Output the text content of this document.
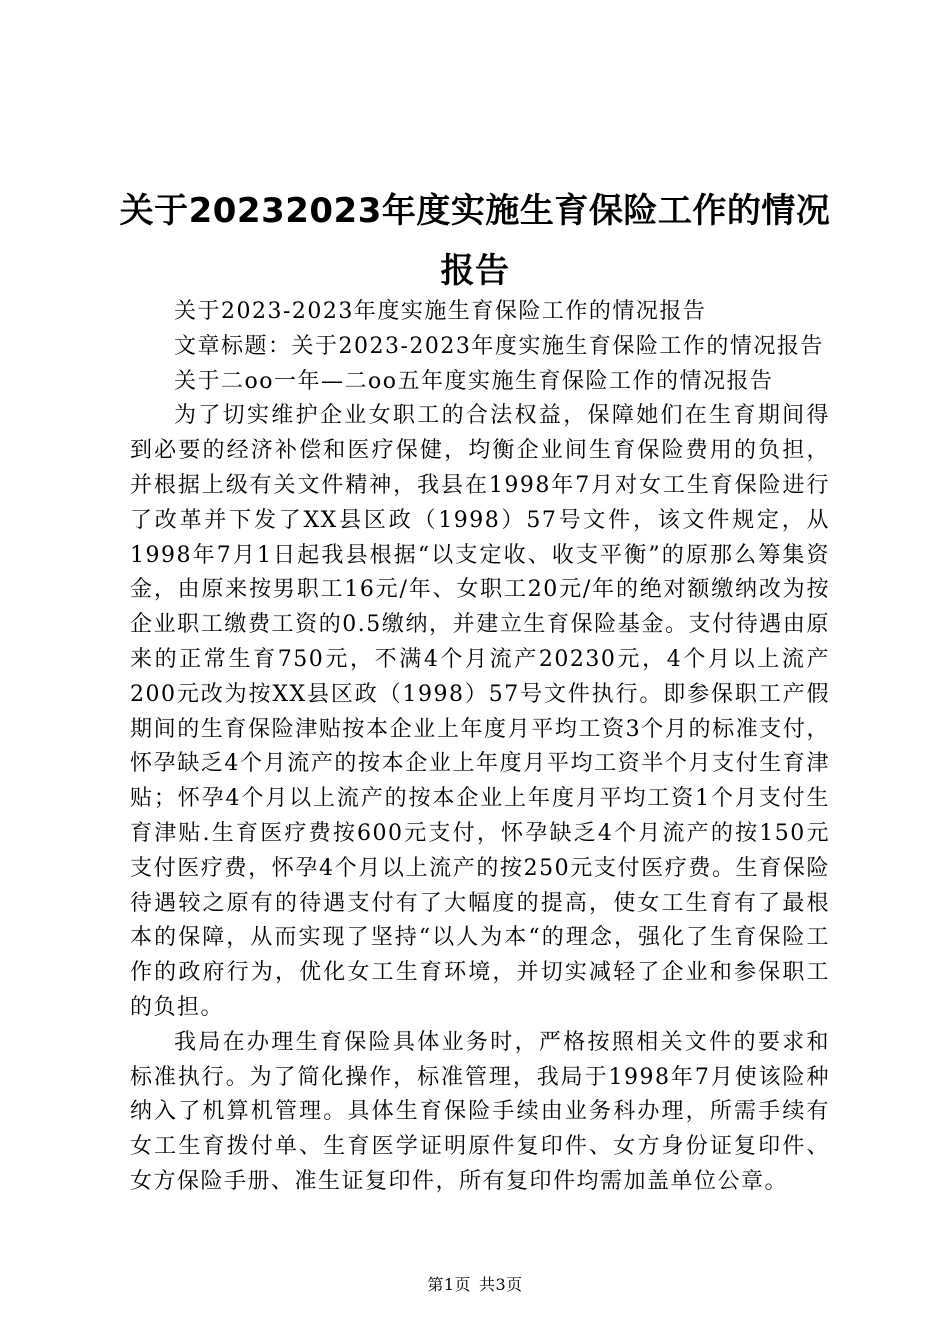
关于20232023年度实施生育保险工作的情况
报告

关于2023-2023年度实施生育保险工作的情况报告

文章标题：关于2023-2023年度实施生育保险工作的情况报告

关于二oo一年—二oo五年度实施生育保险工作的情况报告

为了切实维护企业女职工的合法权益，保障她们在生育期间得到必要的经济补偿和医疗保健，均衡企业间生育保险费用的负担，并根据上级有关文件精神，我县在1998年7月对女工生育保险进行了改革并下发了XX县区政（1998）57号文件，该文件规定，从1998年7月1日起我县根据“以支定收、收支平衡”的原那么筹集资金，由原来按男职工16元/年、女职工20元/年的绝对额缴纳改为按企业职工缴费工资的0.5缴纳，并建立生育保险基金。支付待遇由原来的正常生育750元，不满4个月流产20230元，4个月以上流产200元改为按XX县区政（1998）57号文件执行。即参保职工产假期间的生育保险津贴按本企业上年度月平均工资3个月的标准支付，怀孕缺乏4个月流产的按本企业上年度月平均工资半个月支付生育津贴；怀孕4个月以上流产的按本企业上年度月平均工资1个月支付生育津贴.生育医疗费按600元支付，怀孕缺乏4个月流产的按150元支付医疗费，怀孕4个月以上流产的按250元支付医疗费。生育保险待遇较之原有的待遇支付有了大幅度的提高，使女工生育有了最根本的保障，从而实现了坚持“以人为本“的理念，强化了生育保险工作的政府行为，优化女工生育环境，并切实减轻了企业和参保职工的负担。

我局在办理生育保险具体业务时，严格按照相关文件的要求和标准执行。为了简化操作，标准管理，我局于1998年7月使该险种纳入了机算机管理。具体生育保险手续由业务科办理，所需手续有女工生育拨付单、生育医学证明原件复印件、女方身份证复印件、女方保险手册、准生证复印件，所有复印件均需加盖单位公章。

第1页 共3页
